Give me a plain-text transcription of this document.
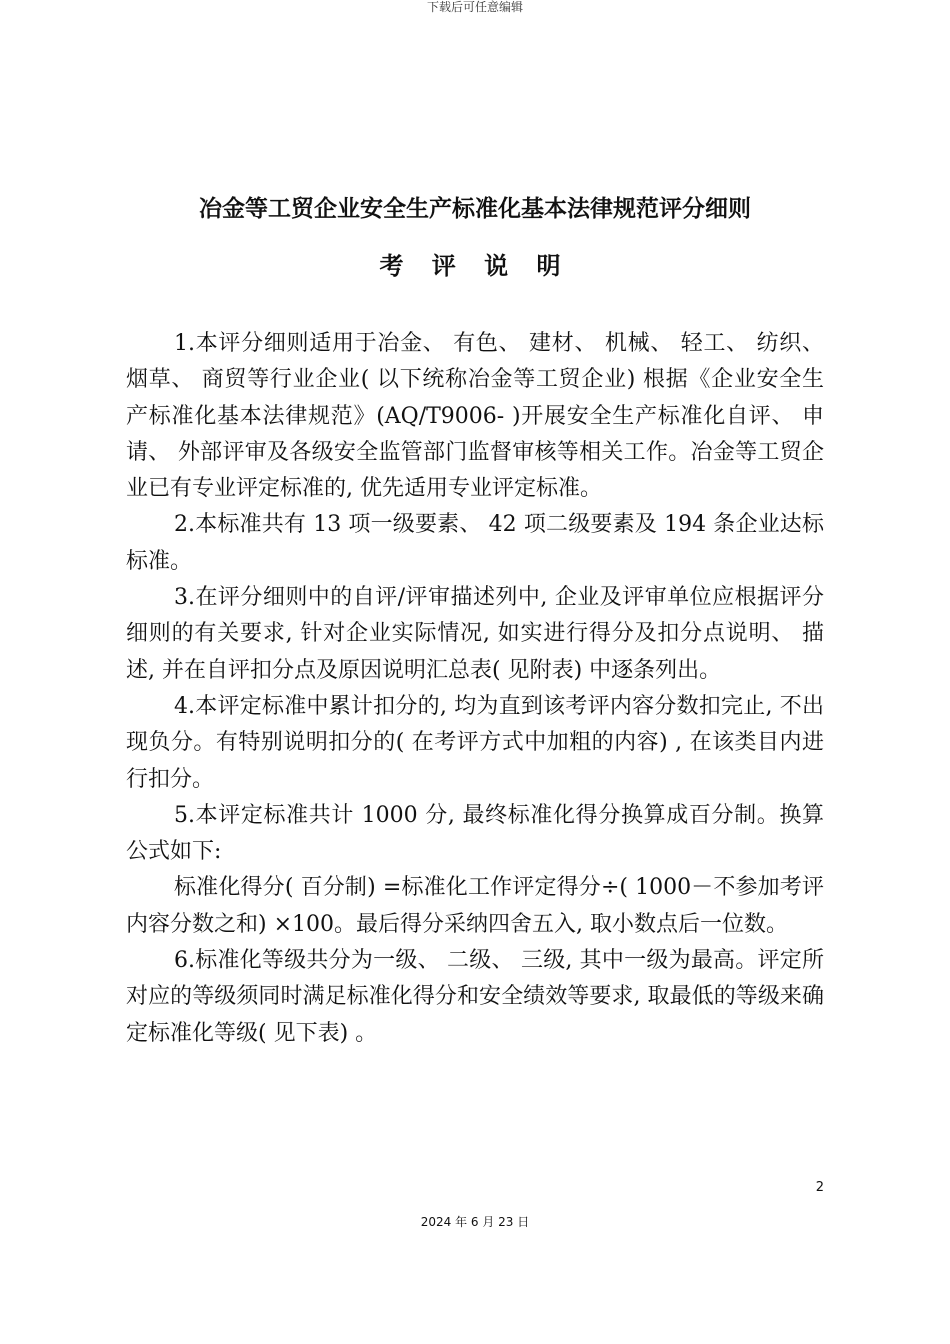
下载后可任意编辑
冶金等工贸企业安全生产标准化基本法律规范评分细则
考 评 说 明

1.本评分细则适用于冶金、 有色、 建材、 机械、 轻工、 纺织、 烟草、 商贸等行业企业( 以下统称冶金等工贸企业) 根据《企业安全生产标准化基本法律规范》(AQ/T9006- )开展安全生产标准化自评、 申请、 外部评审及各级安全监管部门监督审核等相关工作。冶金等工贸企业已有专业评定标准的, 优先适用专业评定标准。

2.本标准共有 13 项一级要素、 42 项二级要素及 194 条企业达标标准。

3.在评分细则中的自评/评审描述列中, 企业及评审单位应根据评分细则的有关要求, 针对企业实际情况, 如实进行得分及扣分点说明、 描述, 并在自评扣分点及原因说明汇总表( 见附表) 中逐条列出。

4.本评定标准中累计扣分的, 均为直到该考评内容分数扣完止, 不出现负分。有特别说明扣分的( 在考评方式中加粗的内容) , 在该类目内进行扣分。

5.本评定标准共计 1000 分, 最终标准化得分换算成百分制。换算公式如下:

标准化得分( 百分制) =标准化工作评定得分÷( 1000－不参加考评内容分数之和) ×100。最后得分采纳四舍五入, 取小数点后一位数。

6.标准化等级共分为一级、 二级、 三级, 其中一级为最高。评定所对应的等级须同时满足标准化得分和安全绩效等要求, 取最低的等级来确定标准化等级( 见下表) 。

2
2024 年 6 月 23 日
